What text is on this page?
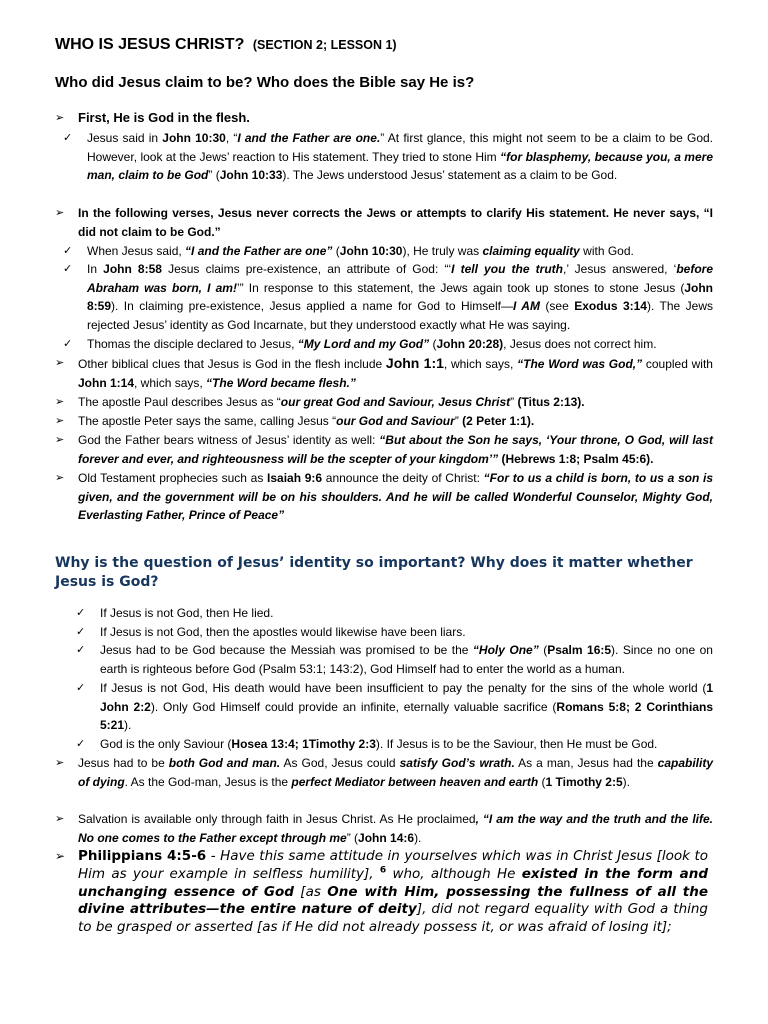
WHO IS JESUS CHRIST? (SECTION 2; LESSON 1)
Who did Jesus claim to be? Who does the Bible say He is?
➢ First, He is God in the flesh.
✓ Jesus said in John 10:30, “I and the Father are one.” At first glance, this might not seem to be a claim to be God. However, look at the Jews’ reaction to His statement. They tried to stone Him “for blasphemy, because you, a mere man, claim to be God” (John 10:33). The Jews understood Jesus’ statement as a claim to be God.
➢ In the following verses, Jesus never corrects the Jews or attempts to clarify His statement. He never says, “I did not claim to be God.”
✓ When Jesus said, “I and the Father are one” (John 10:30), He truly was claiming equality with God.
✓ In John 8:58 Jesus claims pre-existence, an attribute of God: “‘I tell you the truth,’ Jesus answered, ‘before Abraham was born, I am!’” In response to this statement, the Jews again took up stones to stone Jesus (John 8:59). In claiming pre-existence, Jesus applied a name for God to Himself—I AM (see Exodus 3:14). The Jews rejected Jesus’ identity as God Incarnate, but they understood exactly what He was saying.
✓ Thomas the disciple declared to Jesus, “My Lord and my God” (John 20:28), Jesus does not correct him.
➢ Other biblical clues that Jesus is God in the flesh include John 1:1, which says, “The Word was God,” coupled with John 1:14, which says, “The Word became flesh.”
➢ The apostle Paul describes Jesus as “our great God and Saviour, Jesus Christ” (Titus 2:13).
➢ The apostle Peter says the same, calling Jesus “our God and Saviour” (2 Peter 1:1).
➢ God the Father bears witness of Jesus’ identity as well: “But about the Son he says, ‘Your throne, O God, will last forever and ever, and righteousness will be the scepter of your kingdom’” (Hebrews 1:8; Psalm 45:6).
➢ Old Testament prophecies such as Isaiah 9:6 announce the deity of Christ: “For to us a child is born, to us a son is given, and the government will be on his shoulders. And he will be called Wonderful Counselor, Mighty God, Everlasting Father, Prince of Peace”
Why is the question of Jesus’ identity so important? Why does it matter whether Jesus is God?
✓ If Jesus is not God, then He lied.
✓ If Jesus is not God, then the apostles would likewise have been liars.
✓ Jesus had to be God because the Messiah was promised to be the “Holy One” (Psalm 16:5). Since no one on earth is righteous before God (Psalm 53:1; 143:2), God Himself had to enter the world as a human.
✓ If Jesus is not God, His death would have been insufficient to pay the penalty for the sins of the whole world (1 John 2:2). Only God Himself could provide an infinite, eternally valuable sacrifice (Romans 5:8; 2 Corinthians 5:21).
✓ God is the only Saviour (Hosea 13:4; 1Timothy 2:3). If Jesus is to be the Saviour, then He must be God.
➢ Jesus had to be both God and man. As God, Jesus could satisfy God’s wrath. As a man, Jesus had the capability of dying. As the God-man, Jesus is the perfect Mediator between heaven and earth (1 Timothy 2:5).
➢ Salvation is available only through faith in Jesus Christ. As He proclaimed, “I am the way and the truth and the life. No one comes to the Father except through me” (John 14:6).
➢ Philippians 4:5-6 - Have this same attitude in yourselves which was in Christ Jesus [look to Him as your example in selfless humility], $^6$ who, although He existed in the form and unchanging essence of God [as One with Him, possessing the fullness of all the divine attributes—the entire nature of deity], did not regard equality with God a thing to be grasped or asserted [as if He did not already possess it, or was afraid of losing it];
